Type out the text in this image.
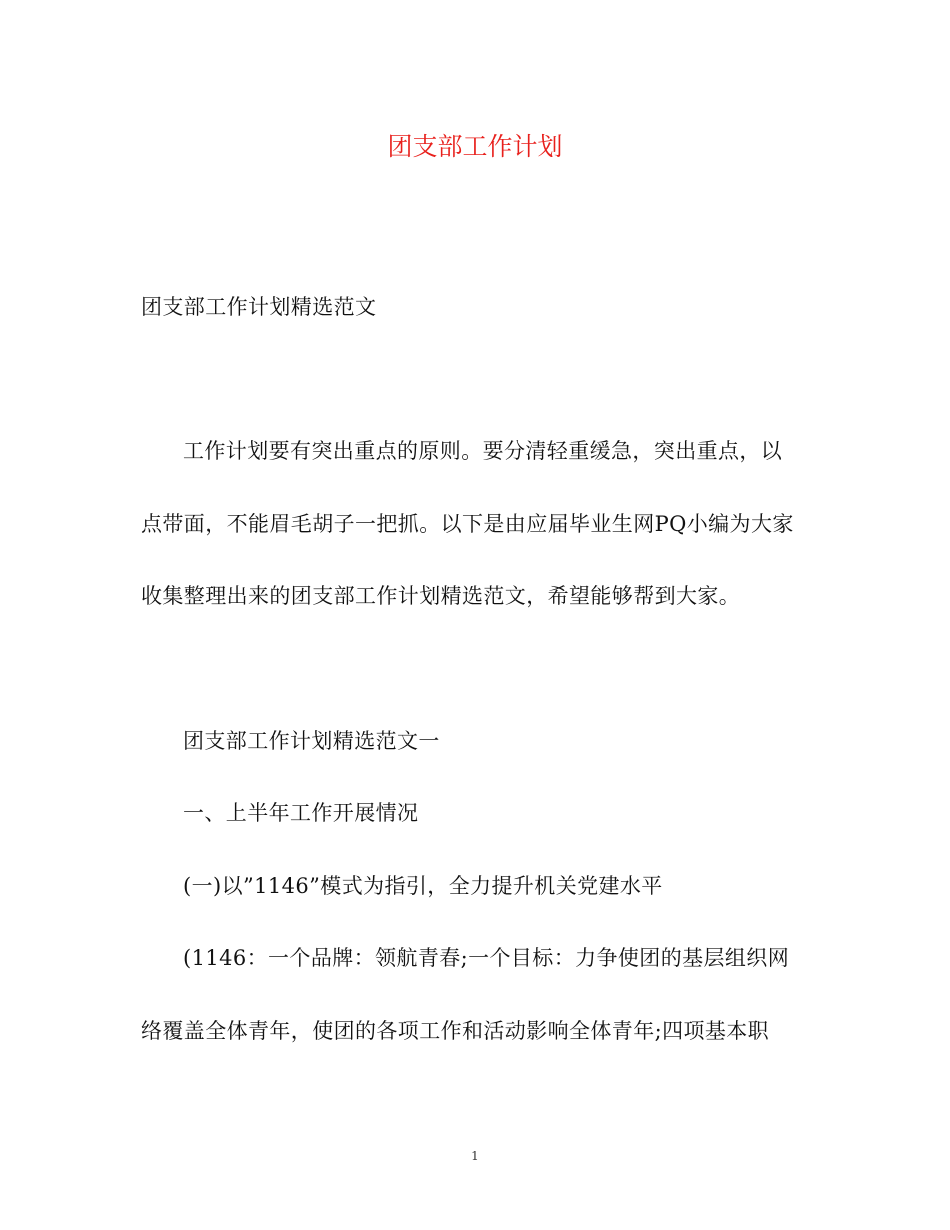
团支部工作计划
团支部工作计划精选范文
工作计划要有突出重点的原则。要分清轻重缓急，突出重点，以
点带面，不能眉毛胡子一把抓。以下是由应届毕业生网PQ小编为大家
收集整理出来的团支部工作计划精选范文，希望能够帮到大家。
团支部工作计划精选范文一
一、上半年工作开展情况
(一)以”1146”模式为指引，全力提升机关党建水平
(1146：一个品牌：领航青春;一个目标：力争使团的基层组织网
络覆盖全体青年，使团的各项工作和活动影响全体青年;四项基本职
1
